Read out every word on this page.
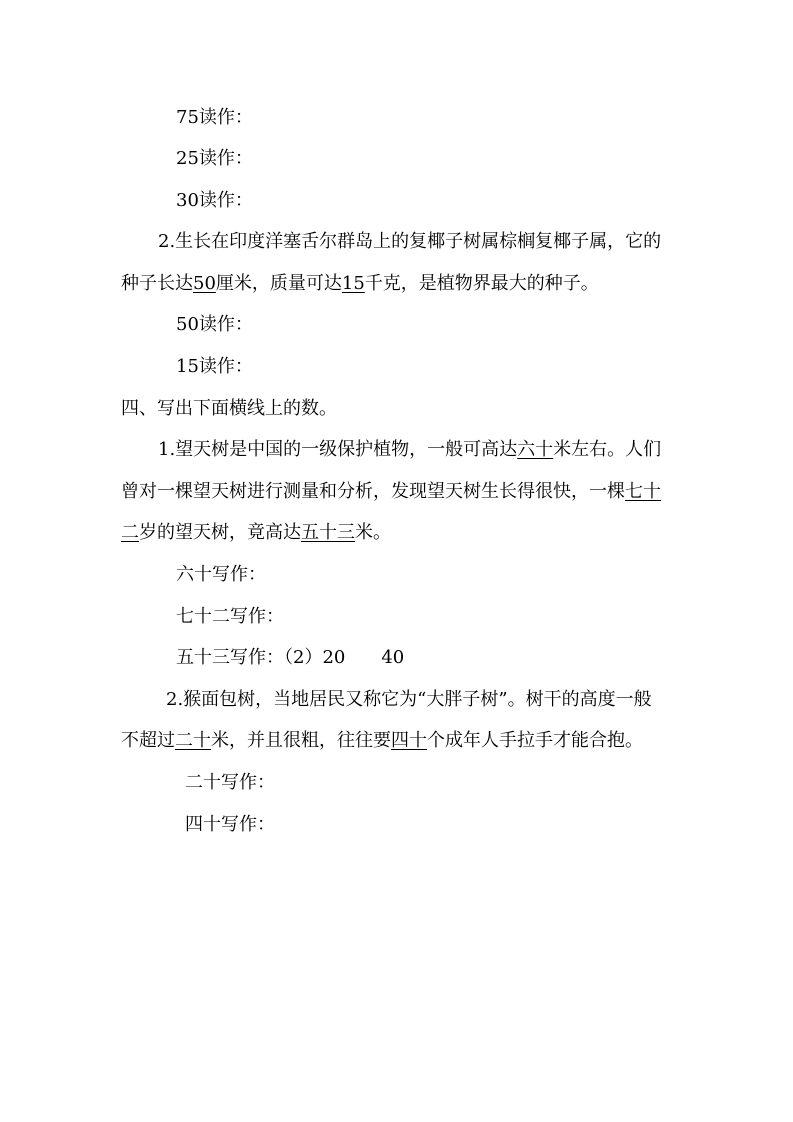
75读作：
25读作：
30读作：
2.生长在印度洋塞舌尔群岛上的复椰子树属棕榈复椰子属，它的
种子长达50厘米，质量可达15千克，是植物界最大的种子。
50读作：
15读作：
四、写出下面横线上的数。
1.望天树是中国的一级保护植物，一般可高达六十米左右。人们
曾对一棵望天树进行测量和分析，发现望天树生长得很快，一棵七十
二岁的望天树，竟高达五十三米。
六十写作：
七十二写作：
五十三写作：（2）20 40
2.猴面包树，当地居民又称它为“大胖子树”。树干的高度一般
不超过二十米，并且很粗，往往要四十个成年人手拉手才能合抱。
二十写作：
四十写作：
